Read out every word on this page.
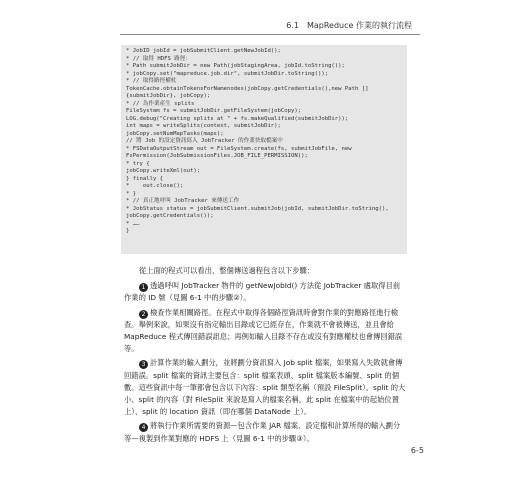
6.1　MapReduce 作業的執行流程
* JobID jobId = jobSubmitClient.getNewJobId();
* // 取得 HDFS 路徑：
* Path submitJobDir = new Path(jobStagingArea, jobId.toString());
* jobCopy.set("mapreduce.job.dir", submitJobDir.toString());
* // 取得路徑權杖
TokenCache.obtainTokensForNamenodes(jobCopy.getCredentials(),new Path []
{submitJobDir}, jobCopy);
* // 為作業產生 splits
FileSystem fs = submitJobDir.getFileSystem(jobCopy);
LOG.debug("Creating splits at " + fs.makeQualified(submitJobDir));
int maps = writeSplits(context, submitJobDir);
jobCopy.setNumMapTasks(maps);
// 將 Job 的設定資訊寫入 JobTracker 的作業快取檔案中
* FSDataOutputStream out = FileSystem.create(fs, submitJobFile, new
FsPermission(JobSubmissionFiles.JOB_FILE_PERMISSION));
* try {
jobCopy.writeXml(out);
} finally {
*    out.close();
* }
* // 真正地呼叫 JobTracker 來傳送工作
* JobStatus status = jobSubmitClient.submitJob(jobId, submitJobDir.toString(),
jobCopy.getCredentials());
* ……
}

從上面的程式可以看出，整個傳送過程包含以下步驟：

1 透過呼叫 JobTracker 物件的 getNewJobId() 方法從 JobTracker 處取得目前作業的 ID 號（見圖 6-1 中的步驟②）。

2 檢查作業相關路徑。在程式中取得各個路徑資訊時會對作業的對應路徑進行檢查。舉例來說，如果沒有指定輸出目錄或它已經存在，作業就不會被傳送，並且會給 MapReduce 程式傳回錯誤訊息；再例如輸入目錄不存在或沒有對應權杖也會傳回錯誤等。

3 計算作業的輸入劃分，並將劃分資訊寫入 Job split 檔案，如果寫入失敗就會傳回錯誤。split 檔案的資訊主要包含：split 檔案表頭、split 檔案版本編號、split 的個數。這些資訊中每一筆都會包含以下內容：split 類型名稱（預設 FileSplit）、split 的大小、split 的內容（對 FileSplit 來說是寫入的檔案名稱，此 split 在檔案中的起始位置上）、split 的 location 資訊（即在哪個 DataNode 上）。

4 將執行作業所需要的資源—包含作業 JAR 檔案、設定檔和計算所得的輸入劃分等—複製到作業對應的 HDFS 上（見圖 6-1 中的步驟③）。

6-5
